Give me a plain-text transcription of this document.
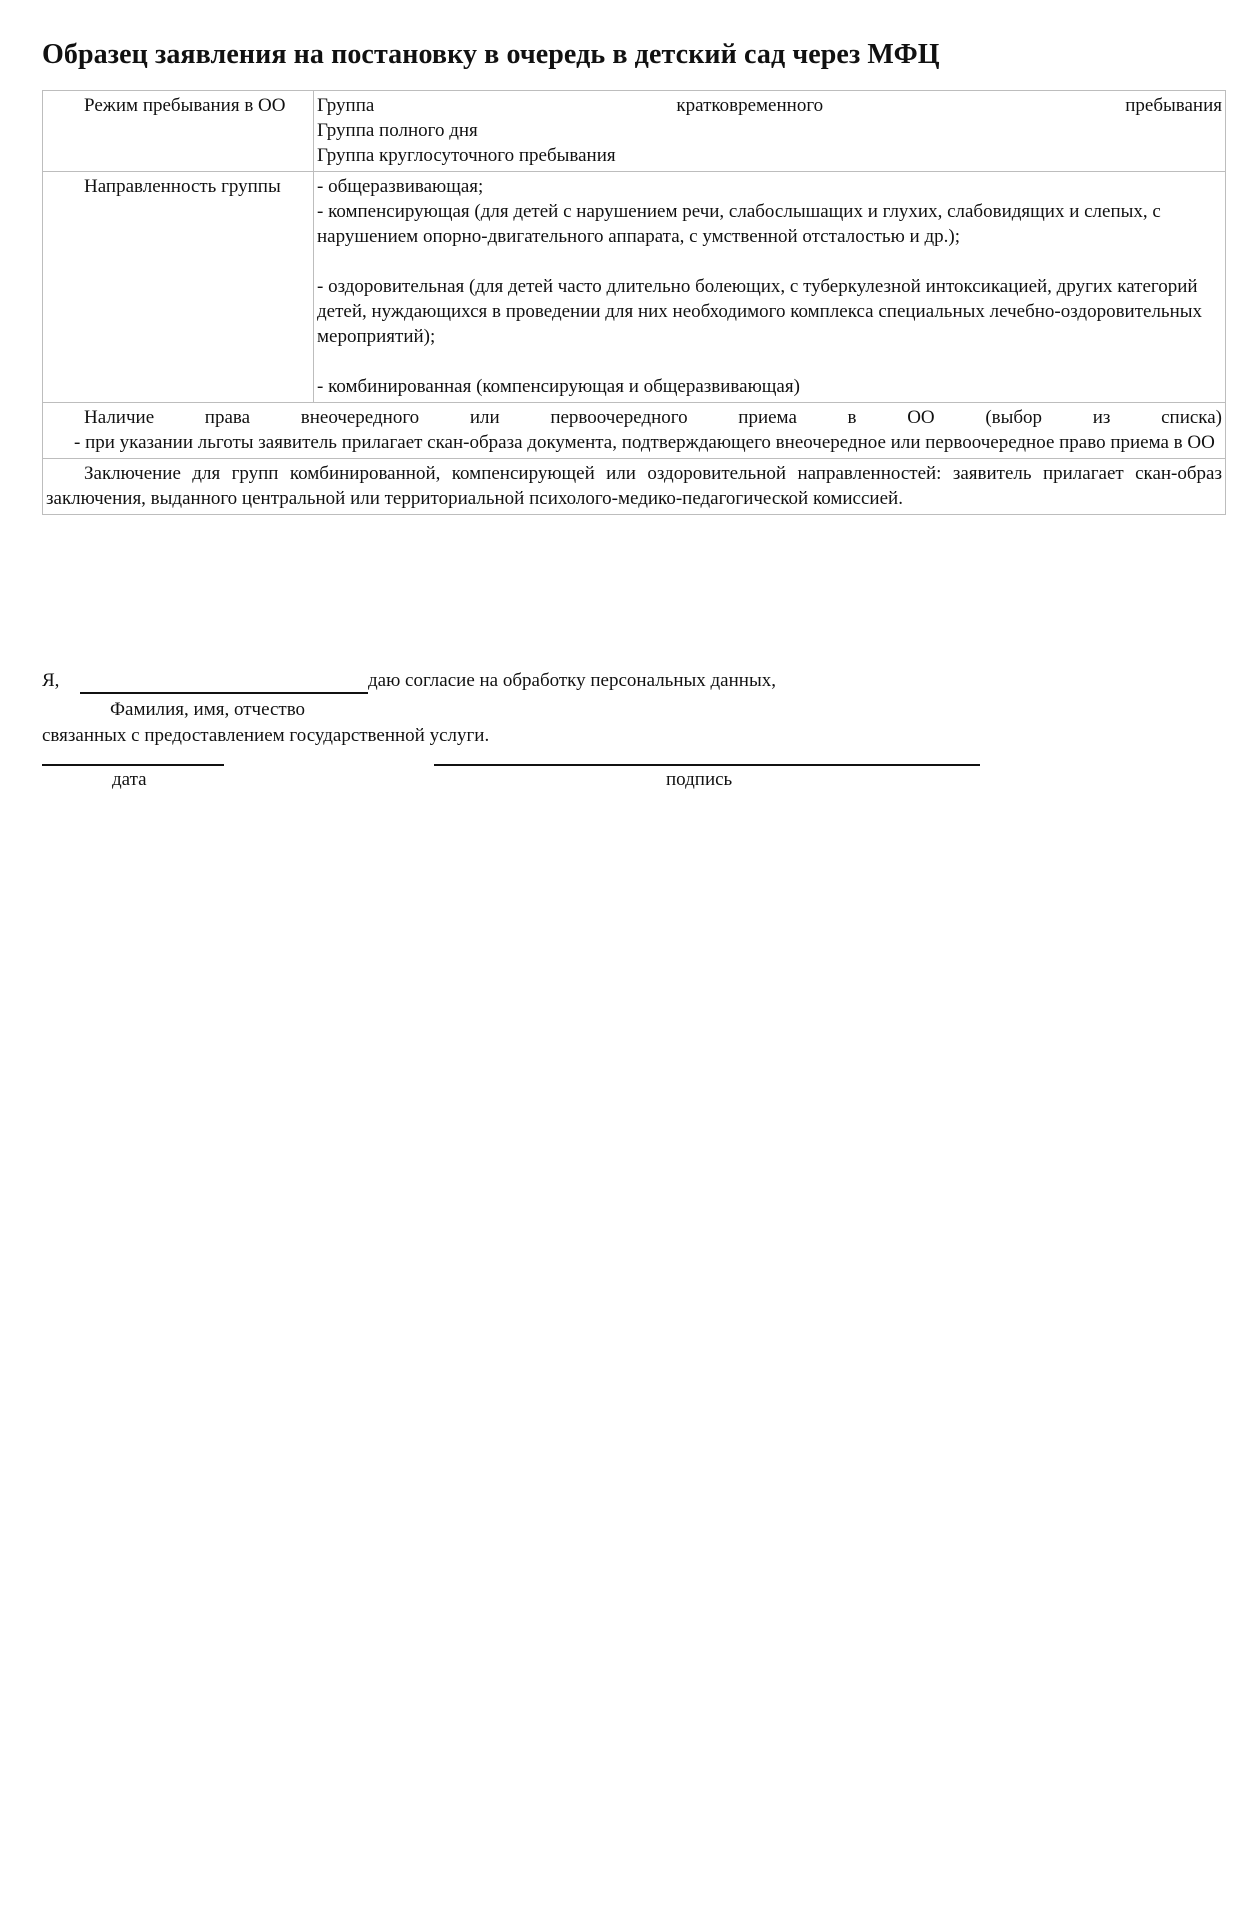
Образец заявления на постановку в очередь в детский сад через МФЦ
Режим пребывания в ОО	Группа кратковременного пребывания
Группа полного дня
Группа круглосуточного пребывания

Направленность группы	- общеразвивающая;
- компенсирующая (для детей с нарушением речи, слабослышащих и глухих, слабовидящих и слепых, с нарушением опорно-двигательного аппарата, с умственной отсталостью и др.);
- оздоровительная (для детей часто длительно болеющих, с туберкулезной интоксикацией, других категорий детей, нуждающихся в проведении для них необходимого комплекса специальных лечебно-оздоровительных мероприятий);
- комбинированная (компенсирующая и общеразвивающая)

Наличие права внеочередного или первоочередного приема в ОО (выбор из списка)
- при указании льготы заявитель прилагает скан-образа документа, подтверждающего внеочередное или первоочередное право приема в ОО	

Заключение для групп комбинированной, компенсирующей или оздоровительной направленностей: заявитель прилагает скан-образ заключения, выданного центральной или территориальной психолого-медико-педагогической комиссией.	
Я,	даю согласие на обработку персональных данных,
Фамилия, имя, отчество
связанных с предоставлением государственной услуги.
дата	подпись
